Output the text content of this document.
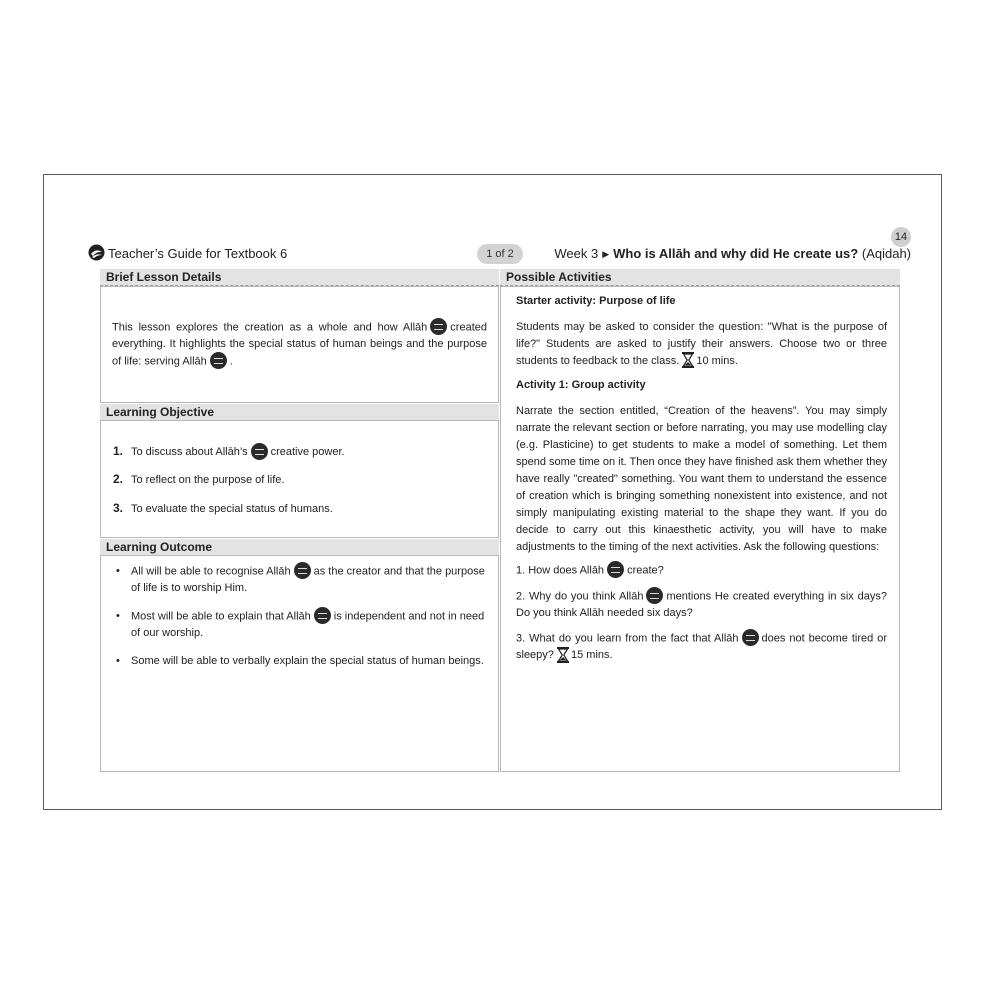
Teacher’s Guide for Textbook 6	1 of 2
14
Week 3 ▶ Who is Allāh and why did He create us? (Aqidah)
Brief Lesson Details
This lesson explores the creation as a whole and how Allāh created everything. It highlights the special status of human beings and the purpose of life: serving Allāh .
Learning Objective
1. To discuss about Allāh’s creative power.
2. To reflect on the purpose of life.
3. To evaluate the special status of humans.
Learning Outcome
• All will be able to recognise Allāh as the creator and that the purpose of life is to worship Him.
• Most will be able to explain that Allāh is independent and not in need of our worship.
• Some will be able to verbally explain the special status of human beings.
Possible Activities
Starter activity: Purpose of life
Students may be asked to consider the question: "What is the purpose of life?" Students are asked to justify their answers. Choose two or three students to feedback to the class. 10 mins.
Activity 1: Group activity
Narrate the section entitled, “Creation of the heavens”. You may simply narrate the relevant section or before narrating, you may use modelling clay (e.g. Plasticine) to get students to make a model of something. Let them spend some time on it. Then once they have finished ask them whether they have really "created" something. You want them to understand the essence of creation which is bringing something nonexistent into existence, and not simply manipulating existing material to the shape they want. If you do decide to carry out this kinaesthetic activity, you will have to make adjustments to the timing of the next activities. Ask the following questions:
1. How does Allāh create?
2. Why do you think Allāh mentions He created everything in six days? Do you think Allāh needed six days?
3. What do you learn from the fact that Allāh does not become tired or sleepy? 15 mins.
